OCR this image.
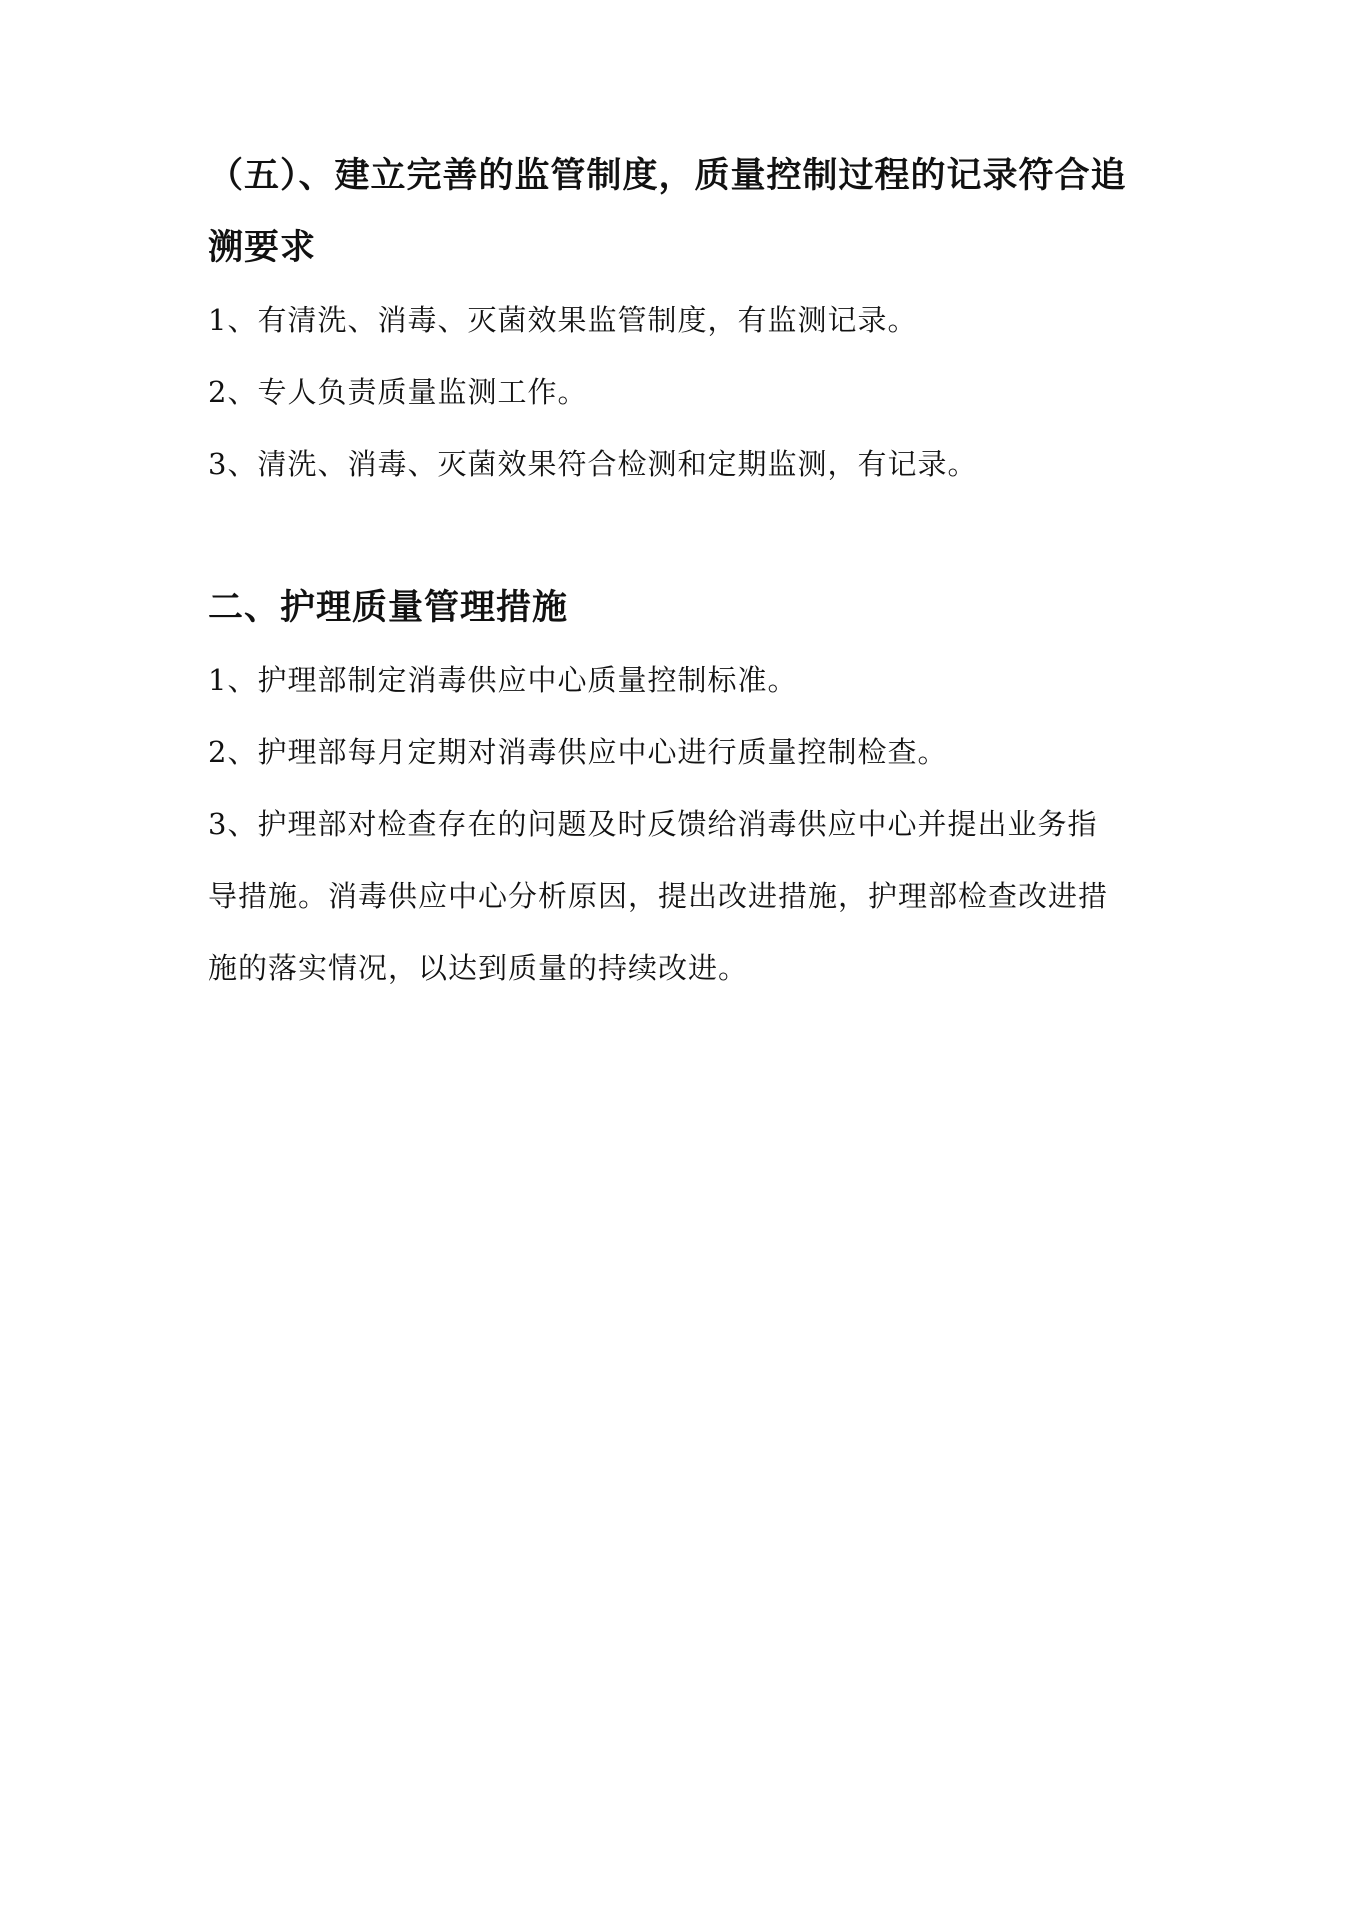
（五）、建立完善的监管制度，质量控制过程的记录符合追

溯要求

1、有清洗、消毒、灭菌效果监管制度，有监测记录。

2、专人负责质量监测工作。

3、清洗、消毒、灭菌效果符合检测和定期监测，有记录。

二、护理质量管理措施

1、护理部制定消毒供应中心质量控制标准。

2、护理部每月定期对消毒供应中心进行质量控制检查。

3、护理部对检查存在的问题及时反馈给消毒供应中心并提出业务指

导措施。消毒供应中心分析原因，提出改进措施，护理部检查改进措

施的落实情况，以达到质量的持续改进。
